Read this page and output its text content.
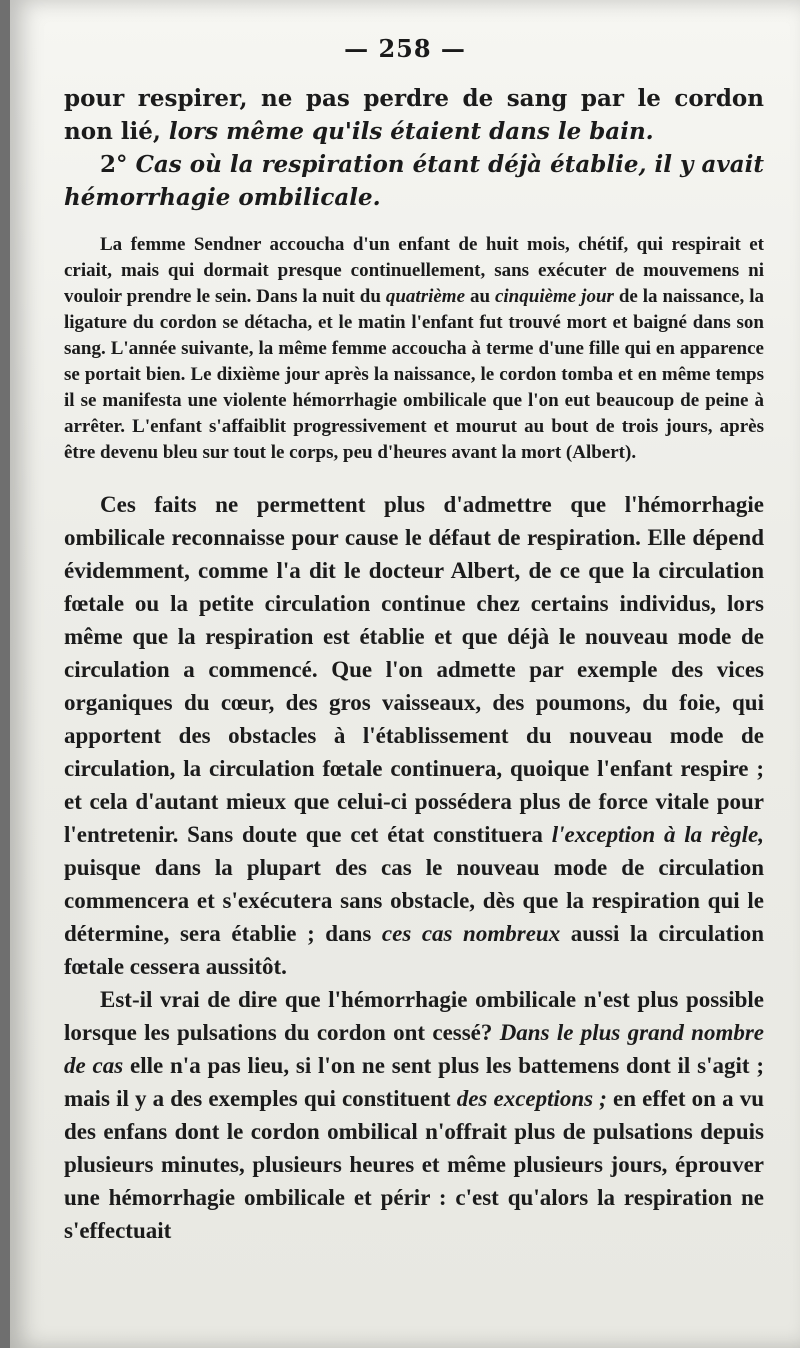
— 258 —

pour respirer, ne pas perdre de sang par le cordon non lié, lors même qu'ils étaient dans le bain.

2° Cas où la respiration étant déjà établie, il y avait hémorrhagie ombilicale.

La femme Sendner accoucha d'un enfant de huit mois, chétif, qui respirait et criait, mais qui dormait presque continuellement, sans exécuter de mouvemens ni vouloir prendre le sein. Dans la nuit du quatrième au cinquième jour de la naissance, la ligature du cordon se détacha, et le matin l'enfant fut trouvé mort et baigné dans son sang. L'année suivante, la même femme accoucha à terme d'une fille qui en apparence se portait bien. Le dixième jour après la naissance, le cordon tomba et en même temps il se manifesta une violente hémorrhagie ombilicale que l'on eut beaucoup de peine à arrêter. L'enfant s'affaiblit progressivement et mourut au bout de trois jours, après être devenu bleu sur tout le corps, peu d'heures avant la mort (Albert).

Ces faits ne permettent plus d'admettre que l'hémorrhagie ombilicale reconnaisse pour cause le défaut de respiration. Elle dépend évidemment, comme l'a dit le docteur Albert, de ce que la circulation fœtale ou la petite circulation continue chez certains individus, lors même que la respiration est établie et que déjà le nouveau mode de circulation a commencé. Que l'on admette par exemple des vices organiques du cœur, des gros vaisseaux, des poumons, du foie, qui apportent des obstacles à l'établissement du nouveau mode de circulation, la circulation fœtale continuera, quoique l'enfant respire ; et cela d'autant mieux que celui-ci possédera plus de force vitale pour l'entretenir. Sans doute que cet état constituera l'exception à la règle, puisque dans la plupart des cas le nouveau mode de circulation commencera et s'exécutera sans obstacle, dès que la respiration qui le détermine, sera établie ; dans ces cas nombreux aussi la circulation fœtale cessera aussitôt.

Est-il vrai de dire que l'hémorrhagie ombilicale n'est plus possible lorsque les pulsations du cordon ont cessé? Dans le plus grand nombre de cas elle n'a pas lieu, si l'on ne sent plus les battemens dont il s'agit ; mais il y a des exemples qui constituent des exceptions ; en effet on a vu des enfans dont le cordon ombilical n'offrait plus de pulsations depuis plusieurs minutes, plusieurs heures et même plusieurs jours, éprouver une hémorrhagie ombilicale et périr : c'est qu'alors la respiration ne s'effectuait
